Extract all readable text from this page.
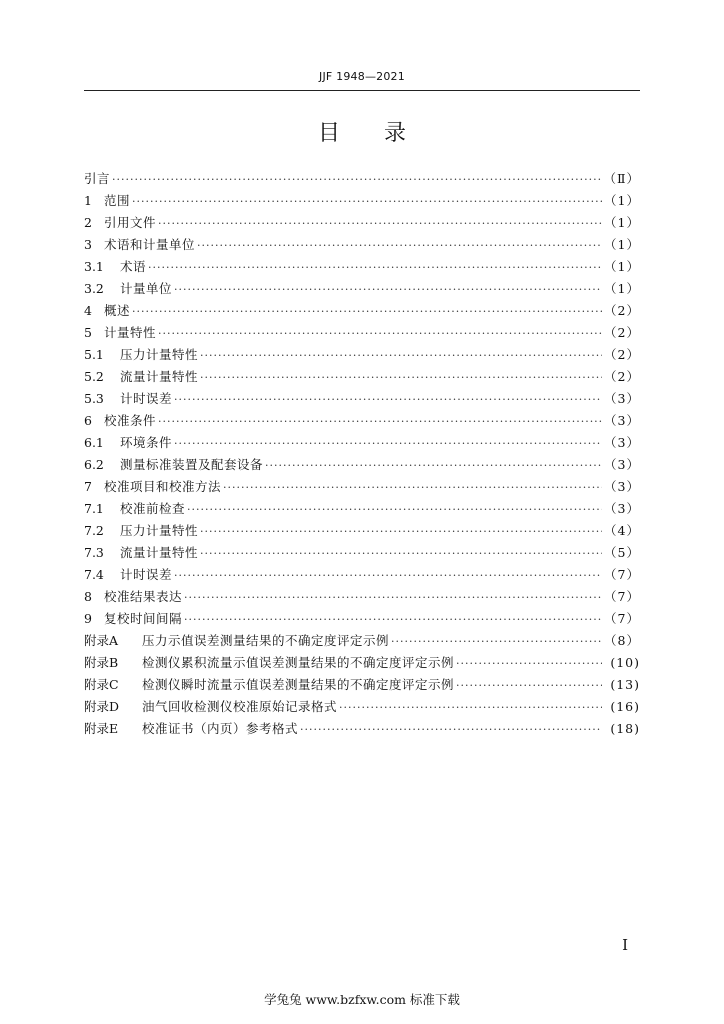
JJF 1948—2021
目录
引言 ·····	（Ⅱ）
1 范围 ·····	（1）
2 引用文件 ·····	（1）
3 术语和计量单位 ·····	（1）
3.1	术语 ·····	（1）
3.2	计量单位 ·····	（1）
4 概述 ·····	（2）
5 计量特性 ·····	（2）
5.1	压力计量特性 ·····	（2）
5.2	流量计量特性 ·····	（2）
5.3	计时误差 ·····	（3）
6 校准条件 ·····	（3）
6.1	环境条件 ·····	（3）
6.2	测量标准装置及配套设备 ·····	（3）
7 校准项目和校准方法 ·····	（3）
7.1	校准前检查 ·····	（3）
7.2	压力计量特性 ·····	（4）
7.3	流量计量特性 ·····	（5）
7.4	计时误差 ·····	（7）
8 校准结果表达 ·····	（7）
9 复校时间间隔 ·····	（7）
附录A	压力示值误差测量结果的不确定度评定示例 ·····	（8）
附录B	检测仪累积流量示值误差测量结果的不确定度评定示例 ·····	(10)
附录C	检测仪瞬时流量示值误差测量结果的不确定度评定示例 ·····	(13)
附录D	油气回收检测仪校准原始记录格式 ·····	(16)
附录E	校准证书（内页）参考格式 ·····	(18)
I
学兔兔 www.bzfxw.com 标准下载
